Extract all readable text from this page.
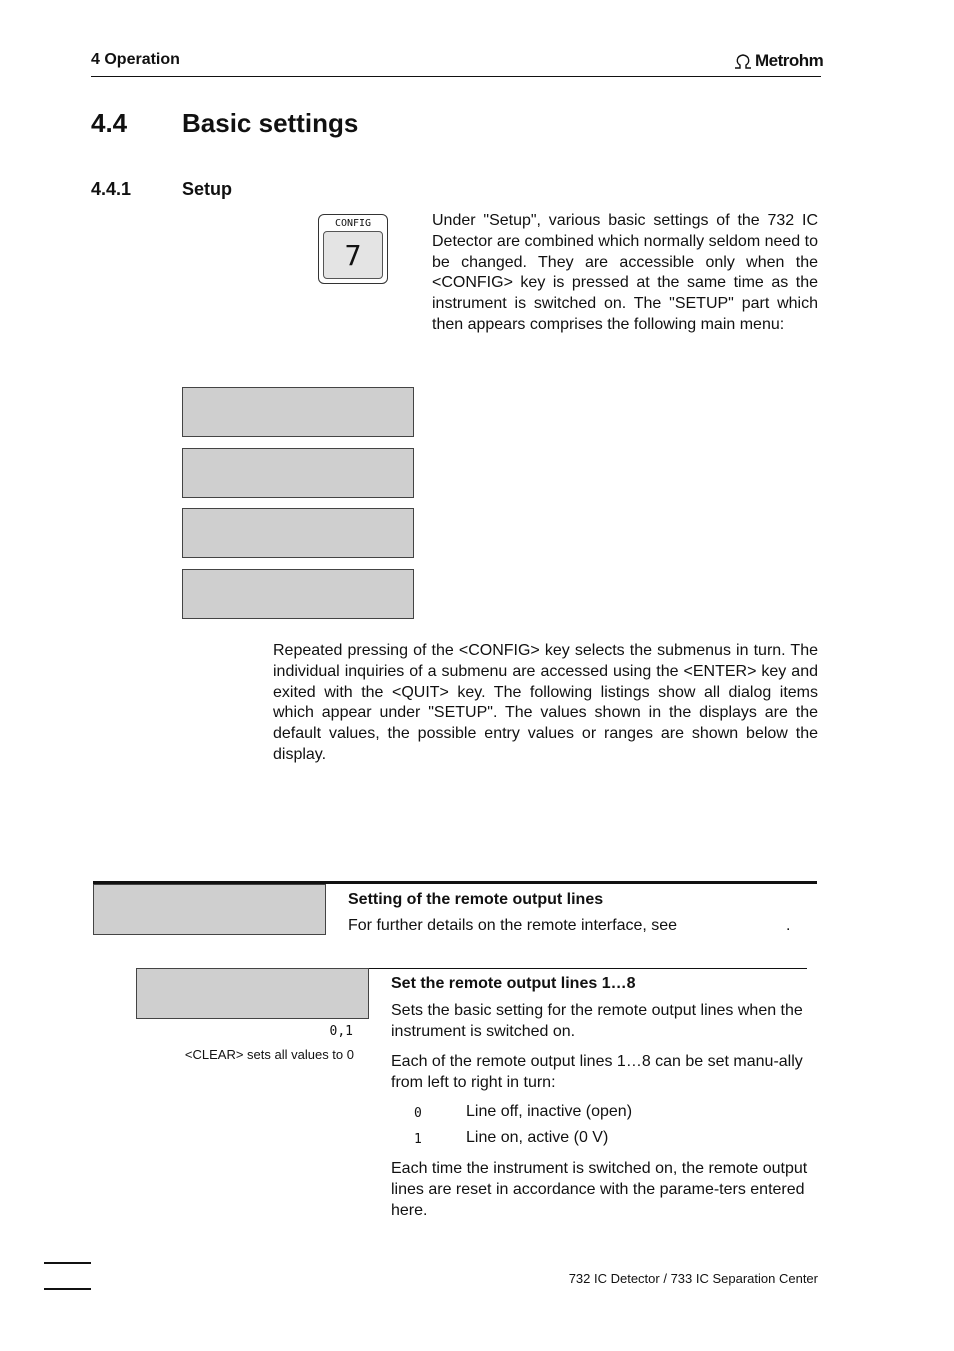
4 Operation	Metrohm
4.4 Basic settings
4.4.1	Setup
CONFIG
7
Under "Setup", various basic settings of the 732 IC Detector are combined which normally seldom need to be changed. They are accessible only when the <CONFIG> key is pressed at the same time as the instrument is switched on. The "SETUP" part which then appears comprises the following main menu:
Repeated pressing of the <CONFIG> key selects the submenus in turn. The individual inquiries of a submenu are accessed using the <ENTER> key and exited with the <QUIT> key. The following listings show all dialog items which appear under "SETUP". The values shown in the displays are the default values, the possible entry values or ranges are shown below the display.
Setting of the remote output lines
For further details on the remote interface, see	.
Set the remote output lines 1…8
0,1
<CLEAR> sets all values to 0
Sets the basic setting for the remote output lines when the instrument is switched on.
Each of the remote output lines 1…8 can be set manu-ally from left to right in turn:
0	Line off, inactive (open)
1	Line on, active (0 V)
Each time the instrument is switched on, the remote output lines are reset in accordance with the parame-ters entered here.
732 IC Detector / 733 IC Separation Center
